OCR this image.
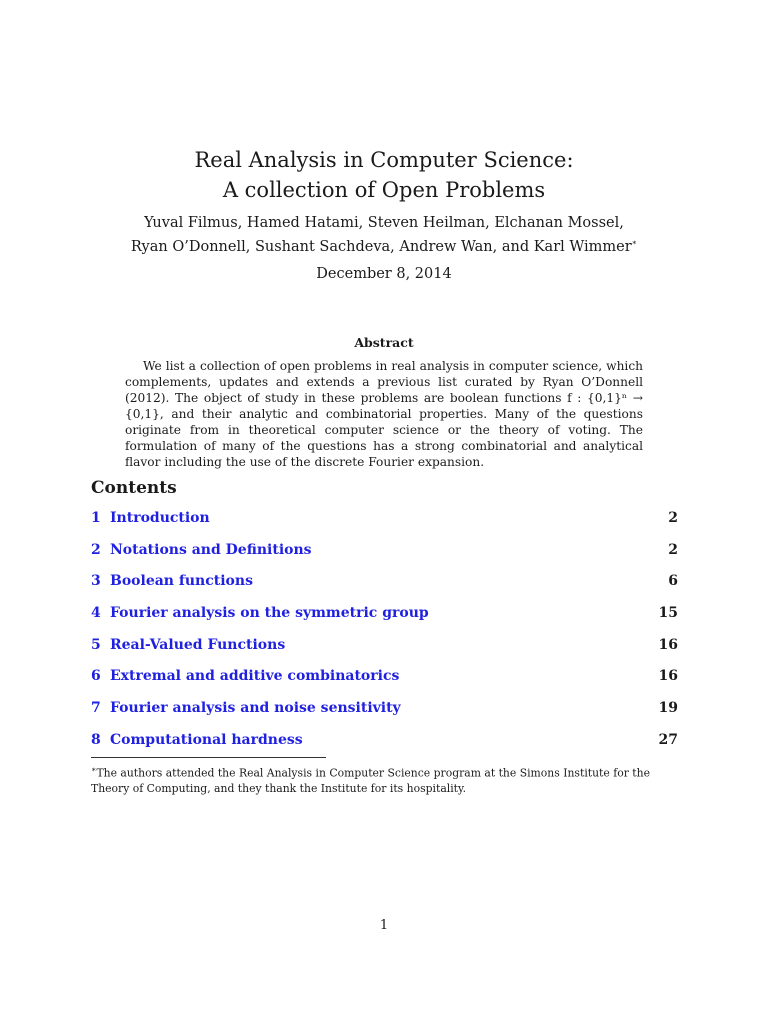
Real Analysis in Computer Science:
A collection of Open Problems
Yuval Filmus, Hamed Hatami, Steven Heilman, Elchanan Mossel,
Ryan O’Donnell, Sushant Sachdeva, Andrew Wan, and Karl Wimmer∗
December 8, 2014
Abstract
We list a collection of open problems in real analysis in computer science, which complements, updates and extends a previous list curated by Ryan O’Donnell (2012). The object of study in these problems are boolean functions f : {0,1}ⁿ → {0,1}, and their analytic and combinatorial properties. Many of the questions originate from in theoretical computer science or the theory of voting. The formulation of many of the questions has a strong combinatorial and analytical flavor including the use of the discrete Fourier expansion.
Contents
1 Introduction	2
2 Notations and Definitions	2
3 Boolean functions	6
4 Fourier analysis on the symmetric group	15
5 Real-Valued Functions	16
6 Extremal and additive combinatorics	16
7 Fourier analysis and noise sensitivity	19
8 Computational hardness	27
∗The authors attended the Real Analysis in Computer Science program at the Simons Institute for the Theory of Computing, and they thank the Institute for its hospitality.
1
